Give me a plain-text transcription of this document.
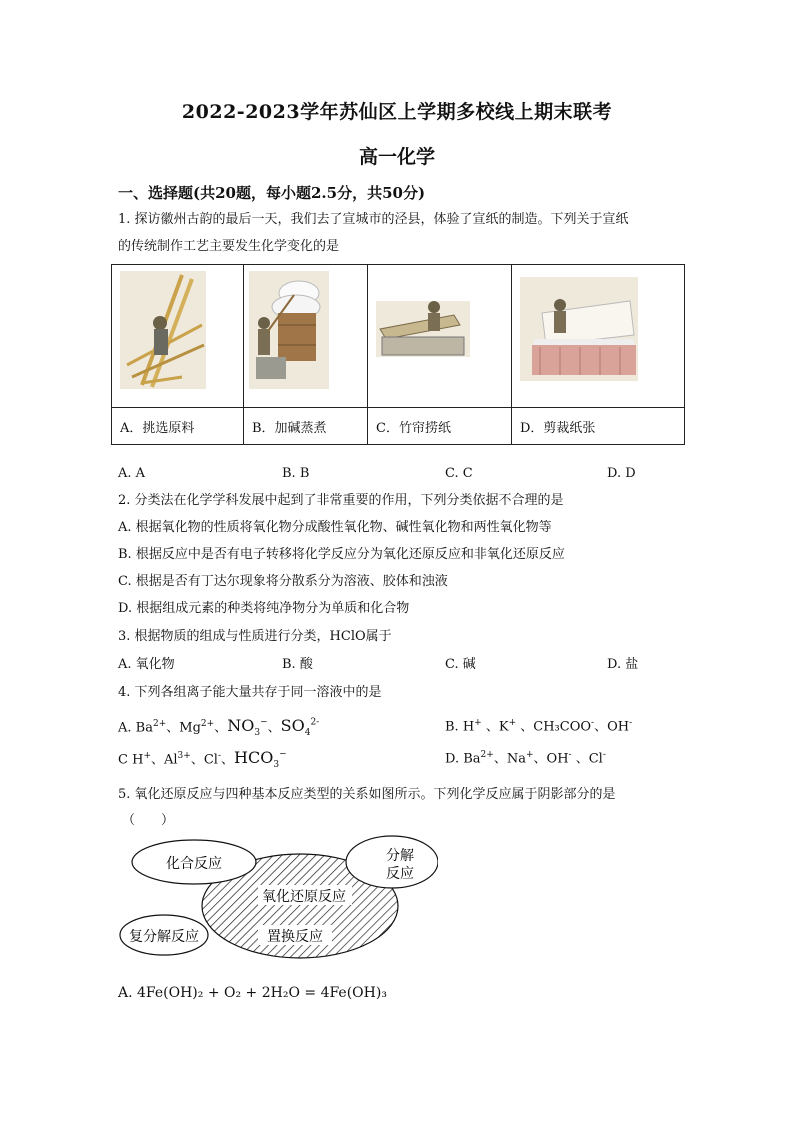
2022-2023学年苏仙区上学期多校线上期末联考
高一化学
一、选择题(共20题，每小题2.5分，共50分)
1. 探访徽州古韵的最后一天，我们去了宣城市的泾县，体验了宣纸的制造。下列关于宣纸
的传统制作工艺主要发生化学变化的是

A．挑选原料	B．加碱蒸煮	C．竹帘捞纸	D．剪裁纸张
A. A	B. B	C. C	D. D
2. 分类法在化学学科发展中起到了非常重要的作用，下列分类依据不合理的是
A. 根据氧化物的性质将氧化物分成酸性氧化物、碱性氧化物和两性氧化物等
B. 根据反应中是否有电子转移将化学反应分为氧化还原反应和非氧化还原反应
C. 根据是否有丁达尔现象将分散系分为溶液、胶体和浊液
D. 根据组成元素的种类将纯净物分为单质和化合物
3. 根据物质的组成与性质进行分类，HClO属于
A. 氧化物	B. 酸	C. 碱	D. 盐
4. 下列各组离子能大量共存于同一溶液中的是
A. $Ba^{2+}$、$Mg^{2+}$、$NO_3^-$、$SO_4^{2-}$	B. H+ 、K+ 、CH₃COO-、OH-
C H+、$Al^{3+}$、Cl-、$HCO_3^-$	D. $Ba^{2+}$、Na+、OH- 、Cl-
5. 氧化还原反应与四种基本反应类型的关系如图所示。下列化学反应属于阴影部分的是
（　　）
化合反应	分解
反应
氧化还原反应
复分解反应	置换反应
A. 4Fe(OH)₂ + O₂ + 2H₂O = 4Fe(OH)₃
